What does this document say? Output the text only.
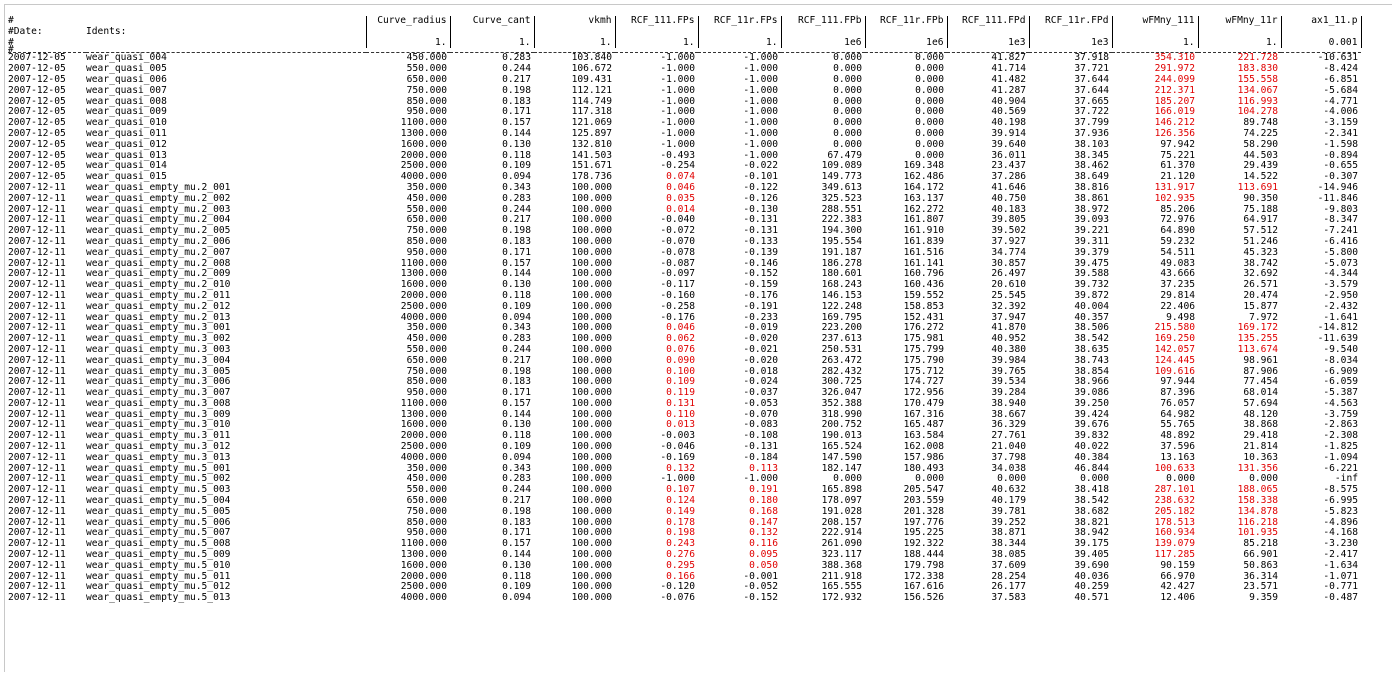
#		Curve_radius	Curve_cant	vkmh	RCF_111.FPs	RCF_11r.FPs	RCF_111.FPb	RCF_11r.FPb	RCF_111.FPd	RCF_11r.FPd	wFMny_111	wFMny_11r	ax1_11.p
#Date:	Idents:												
#		1.	1.	1.	1.	1.	1e6	1e6	1e3	1e3	1.	1.	0.001
#													
2007-12-05	wear_quasi_004	450.000	0.283	103.840	-1.000	-1.000	0.000	0.000	41.827	37.918	354.310	221.728	-10.631
2007-12-05	wear_quasi_005	550.000	0.244	106.672	-1.000	-1.000	0.000	0.000	41.714	37.721	291.972	183.830	-8.424
2007-12-05	wear_quasi_006	650.000	0.217	109.431	-1.000	-1.000	0.000	0.000	41.482	37.644	244.099	155.558	-6.851
2007-12-05	wear_quasi_007	750.000	0.198	112.121	-1.000	-1.000	0.000	0.000	41.287	37.644	212.371	134.067	-5.684
2007-12-05	wear_quasi_008	850.000	0.183	114.749	-1.000	-1.000	0.000	0.000	40.904	37.665	185.207	116.993	-4.771
2007-12-05	wear_quasi_009	950.000	0.171	117.318	-1.000	-1.000	0.000	0.000	40.569	37.722	166.019	104.278	-4.006
2007-12-05	wear_quasi_010	1100.000	0.157	121.069	-1.000	-1.000	0.000	0.000	40.198	37.799	146.212	89.748	-3.159
2007-12-05	wear_quasi_011	1300.000	0.144	125.897	-1.000	-1.000	0.000	0.000	39.914	37.936	126.356	74.225	-2.341
2007-12-05	wear_quasi_012	1600.000	0.130	132.810	-1.000	-1.000	0.000	0.000	39.640	38.103	97.942	58.290	-1.598
2007-12-05	wear_quasi_013	2000.000	0.118	141.503	-0.493	-1.000	67.479	0.000	36.011	38.345	75.221	44.503	-0.894
2007-12-05	wear_quasi_014	2500.000	0.109	151.671	-0.254	-0.022	109.089	169.348	23.437	38.462	61.370	29.439	-0.655
2007-12-05	wear_quasi_015	4000.000	0.094	178.736	0.074	-0.101	149.773	162.486	37.286	38.649	21.120	14.522	-0.307
2007-12-11	wear_quasi_empty_mu.2_001	350.000	0.343	100.000	0.046	-0.122	349.613	164.172	41.646	38.816	131.917	113.691	-14.946
2007-12-11	wear_quasi_empty_mu.2_002	450.000	0.283	100.000	0.035	-0.126	325.523	163.137	40.750	38.861	102.935	90.350	-11.846
2007-12-11	wear_quasi_empty_mu.2_003	550.000	0.244	100.000	0.014	-0.130	288.551	162.272	40.183	38.972	85.206	75.188	-9.803
2007-12-11	wear_quasi_empty_mu.2_004	650.000	0.217	100.000	-0.040	-0.131	222.383	161.807	39.805	39.093	72.976	64.917	-8.347
2007-12-11	wear_quasi_empty_mu.2_005	750.000	0.198	100.000	-0.072	-0.131	194.300	161.910	39.502	39.221	64.890	57.512	-7.241
2007-12-11	wear_quasi_empty_mu.2_006	850.000	0.183	100.000	-0.070	-0.133	195.554	161.839	37.927	39.311	59.232	51.246	-6.416
2007-12-11	wear_quasi_empty_mu.2_007	950.000	0.171	100.000	-0.078	-0.139	191.187	161.516	34.774	39.379	54.511	45.323	-5.800
2007-12-11	wear_quasi_empty_mu.2_008	1100.000	0.157	100.000	-0.087	-0.146	186.278	161.141	30.857	39.475	49.083	38.742	-5.073
2007-12-11	wear_quasi_empty_mu.2_009	1300.000	0.144	100.000	-0.097	-0.152	180.601	160.796	26.497	39.588	43.666	32.692	-4.344
2007-12-11	wear_quasi_empty_mu.2_010	1600.000	0.130	100.000	-0.117	-0.159	168.243	160.436	20.610	39.732	37.235	26.571	-3.579
2007-12-11	wear_quasi_empty_mu.2_011	2000.000	0.118	100.000	-0.160	-0.176	146.153	159.552	25.545	39.872	29.814	20.474	-2.950
2007-12-11	wear_quasi_empty_mu.2_012	2500.000	0.109	100.000	-0.258	-0.191	122.248	158.853	32.392	40.004	22.406	15.877	-2.432
2007-12-11	wear_quasi_empty_mu.2_013	4000.000	0.094	100.000	-0.176	-0.233	169.795	152.431	37.947	40.357	9.498	7.972	-1.641
2007-12-11	wear_quasi_empty_mu.3_001	350.000	0.343	100.000	0.046	-0.019	223.200	176.272	41.870	38.506	215.580	169.172	-14.812
2007-12-11	wear_quasi_empty_mu.3_002	450.000	0.283	100.000	0.062	-0.020	237.613	175.981	40.952	38.542	169.250	135.255	-11.639
2007-12-11	wear_quasi_empty_mu.3_003	550.000	0.244	100.000	0.076	-0.021	250.531	175.799	40.380	38.635	142.057	113.674	-9.540
2007-12-11	wear_quasi_empty_mu.3_004	650.000	0.217	100.000	0.090	-0.020	263.472	175.790	39.984	38.743	124.445	98.961	-8.034
2007-12-11	wear_quasi_empty_mu.3_005	750.000	0.198	100.000	0.100	-0.018	282.432	175.712	39.765	38.854	109.616	87.906	-6.909
2007-12-11	wear_quasi_empty_mu.3_006	850.000	0.183	100.000	0.109	-0.024	300.725	174.727	39.534	38.966	97.944	77.454	-6.059
2007-12-11	wear_quasi_empty_mu.3_007	950.000	0.171	100.000	0.119	-0.037	326.047	172.956	39.284	39.086	87.396	68.014	-5.387
2007-12-11	wear_quasi_empty_mu.3_008	1100.000	0.157	100.000	0.131	-0.053	352.388	170.479	38.940	39.250	76.057	57.694	-4.563
2007-12-11	wear_quasi_empty_mu.3_009	1300.000	0.144	100.000	0.110	-0.070	318.990	167.316	38.667	39.424	64.982	48.120	-3.759
2007-12-11	wear_quasi_empty_mu.3_010	1600.000	0.130	100.000	0.013	-0.083	200.752	165.487	36.329	39.676	55.765	38.868	-2.863
2007-12-11	wear_quasi_empty_mu.3_011	2000.000	0.118	100.000	-0.003	-0.108	190.013	163.584	27.761	39.832	48.892	29.418	-2.308
2007-12-11	wear_quasi_empty_mu.3_012	2500.000	0.109	100.000	-0.046	-0.131	165.524	162.008	21.040	40.022	37.596	21.814	-1.825
2007-12-11	wear_quasi_empty_mu.3_013	4000.000	0.094	100.000	-0.169	-0.184	147.590	157.986	37.798	40.384	13.163	10.363	-1.094
2007-12-11	wear_quasi_empty_mu.5_001	350.000	0.343	100.000	0.132	0.113	182.147	180.493	34.038	46.844	100.633	131.356	-6.221
2007-12-11	wear_quasi_empty_mu.5_002	450.000	0.283	100.000	-1.000	-1.000	0.000	0.000	0.000	0.000	0.000	0.000	-inf
2007-12-11	wear_quasi_empty_mu.5_003	550.000	0.244	100.000	0.107	0.191	165.898	205.547	40.632	38.418	287.101	188.065	-8.575
2007-12-11	wear_quasi_empty_mu.5_004	650.000	0.217	100.000	0.124	0.180	178.097	203.559	40.179	38.542	238.632	158.338	-6.995
2007-12-11	wear_quasi_empty_mu.5_005	750.000	0.198	100.000	0.149	0.168	191.028	201.328	39.781	38.682	205.182	134.878	-5.823
2007-12-11	wear_quasi_empty_mu.5_006	850.000	0.183	100.000	0.178	0.147	208.157	197.776	39.252	38.821	178.513	116.218	-4.896
2007-12-11	wear_quasi_empty_mu.5_007	950.000	0.171	100.000	0.198	0.132	222.914	195.225	38.871	38.942	160.934	101.935	-4.168
2007-12-11	wear_quasi_empty_mu.5_008	1100.000	0.157	100.000	0.243	0.116	261.090	192.322	38.344	39.175	139.079	85.218	-3.230
2007-12-11	wear_quasi_empty_mu.5_009	1300.000	0.144	100.000	0.276	0.095	323.117	188.444	38.085	39.405	117.285	66.901	-2.417
2007-12-11	wear_quasi_empty_mu.5_010	1600.000	0.130	100.000	0.295	0.050	388.368	179.798	37.609	39.690	90.159	50.863	-1.634
2007-12-11	wear_quasi_empty_mu.5_011	2000.000	0.118	100.000	0.166	-0.001	211.918	172.338	28.254	40.036	66.970	36.314	-1.071
2007-12-11	wear_quasi_empty_mu.5_012	2500.000	0.109	100.000	-0.120	-0.052	165.555	167.616	26.177	40.259	42.427	23.571	-0.771
2007-12-11	wear_quasi_empty_mu.5_013	4000.000	0.094	100.000	-0.076	-0.152	172.932	156.526	37.583	40.571	12.406	9.359	-0.487
